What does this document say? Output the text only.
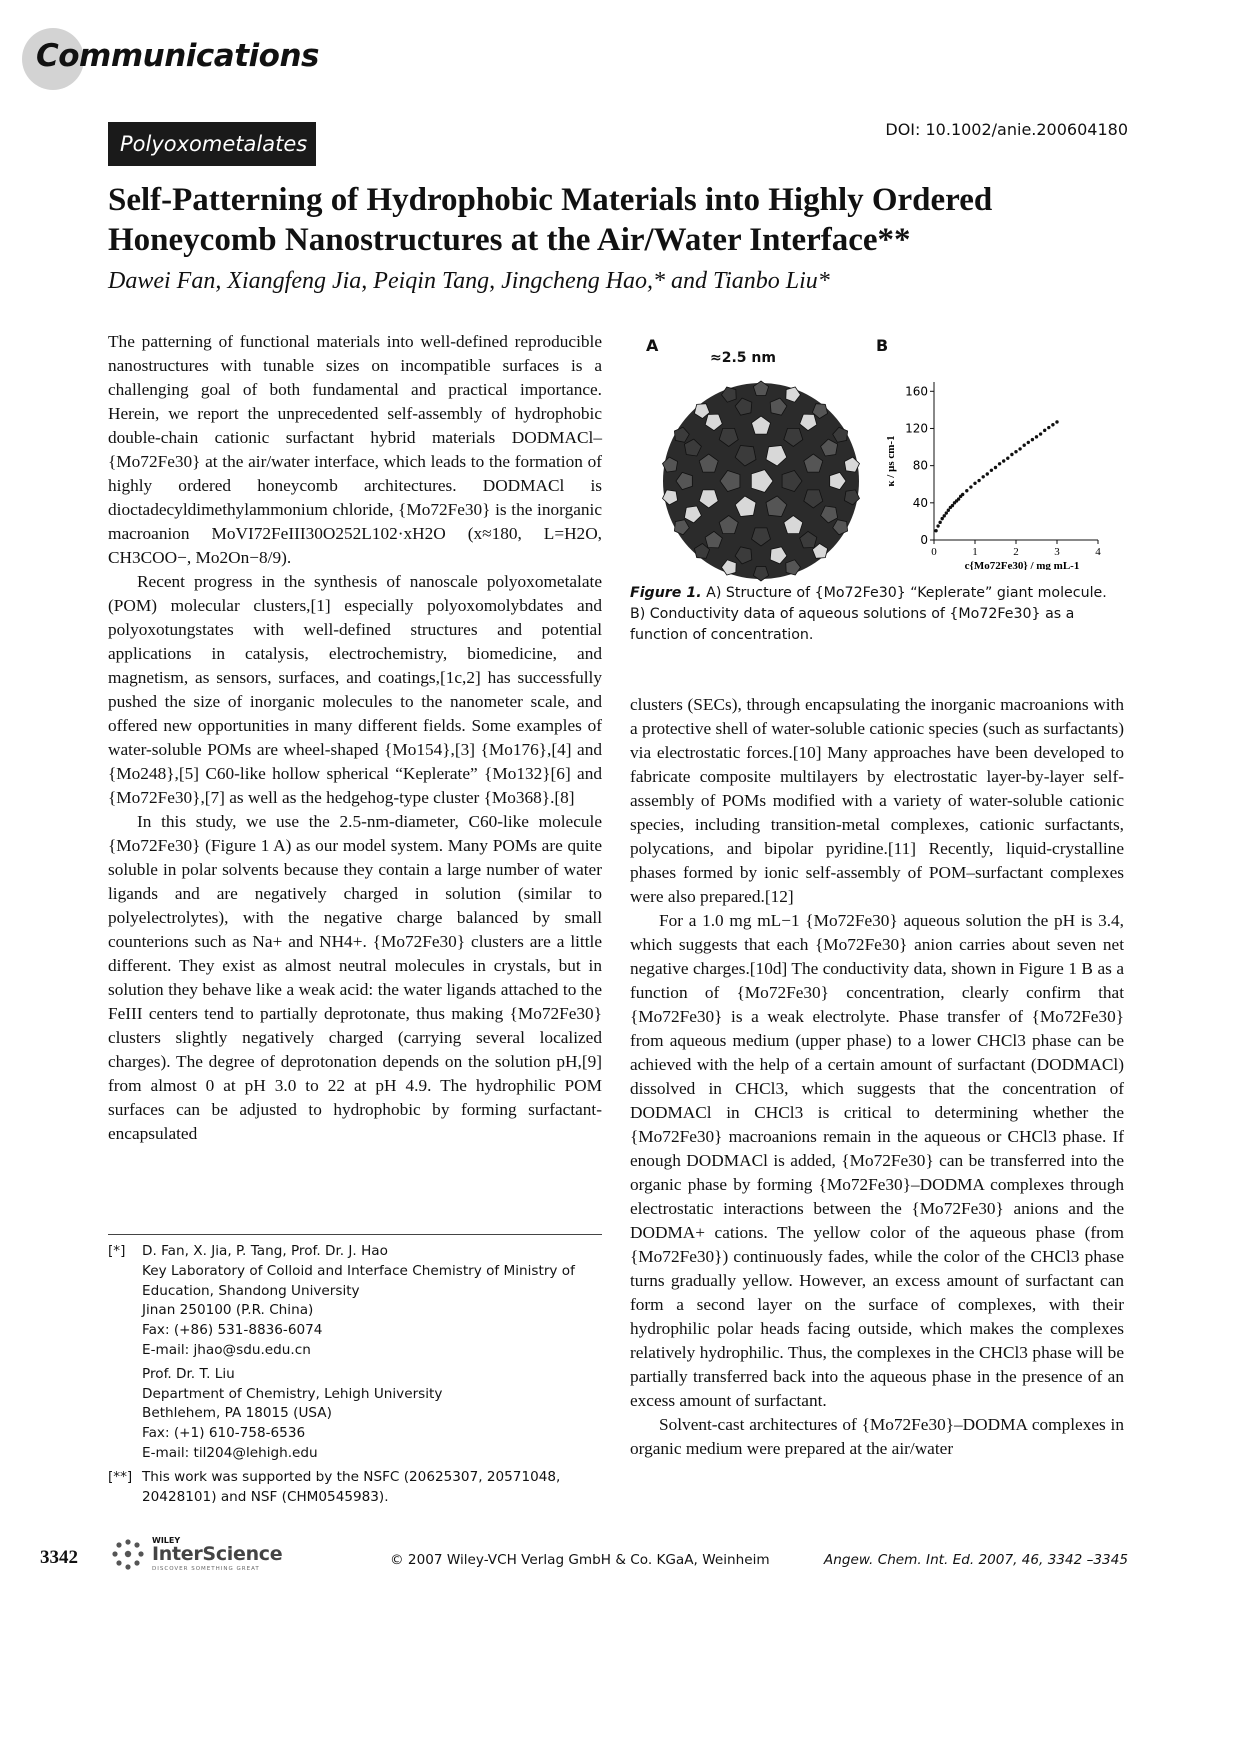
Communications
Polyoxometalates
DOI: 10.1002/anie.200604180
Self-Patterning of Hydrophobic Materials into Highly Ordered Honeycomb Nanostructures at the Air/Water Interface**
Dawei Fan, Xiangfeng Jia, Peiqin Tang, Jingcheng Hao,* and Tianbo Liu*

The patterning of functional materials into well-defined reproducible nanostructures with tunable sizes on incompatible surfaces is a challenging goal of both fundamental and practical importance. Herein, we report the unprecedented self-assembly of hydrophobic double-chain cationic surfactant hybrid materials DODMACl–{Mo72Fe30} at the air/water interface, which leads to the formation of highly ordered honeycomb architectures. DODMACl is dioctadecyldimethylammonium chloride, {Mo72Fe30} is the inorganic macroanion MoVI72FeIII30O252L102·xH2O (x≈180, L=H2O, CH3COO−, Mo2On−8/9).

Recent progress in the synthesis of nanoscale polyoxometalate (POM) molecular clusters,[1] especially polyoxomolybdates and polyoxotungstates with well-defined structures and potential applications in catalysis, electrochemistry, biomedicine, and magnetism, as sensors, surfaces, and coatings,[1c,2] has successfully pushed the size of inorganic molecules to the nanometer scale, and offered new opportunities in many different fields. Some examples of water-soluble POMs are wheel-shaped {Mo154},[3] {Mo176},[4] and {Mo248},[5] C60-like hollow spherical “Keplerate” {Mo132}[6] and {Mo72Fe30},[7] as well as the hedgehog-type cluster {Mo368}.[8]

In this study, we use the 2.5-nm-diameter, C60-like molecule {Mo72Fe30} (Figure 1 A) as our model system. Many POMs are quite soluble in polar solvents because they contain a large number of water ligands and are negatively charged in solution (similar to polyelectrolytes), with the negative charge balanced by small counterions such as Na+ and NH4+. {Mo72Fe30} clusters are a little different. They exist as almost neutral molecules in crystals, but in solution they behave like a weak acid: the water ligands attached to the FeIII centers tend to partially deprotonate, thus making {Mo72Fe30} clusters slightly negatively charged (carrying several localized charges). The degree of deprotonation depends on the solution pH,[9] from almost 0 at pH 3.0 to 22 at pH 4.9. The hydrophilic POM surfaces can be adjusted to hydrophobic by forming surfactant-encapsulated

A	B
≈2.5 nm
0	1	2	3	4
0
40
80
120
160
c{Mo72Fe30} / mg mL-1
κ / μs cm-1
Figure 1. A) Structure of {Mo72Fe30} “Keplerate” giant molecule. B) Conductivity data of aqueous solutions of {Mo72Fe30} as a function of concentration.

clusters (SECs), through encapsulating the inorganic macroanions with a protective shell of water-soluble cationic species (such as surfactants) via electrostatic forces.[10] Many approaches have been developed to fabricate composite multilayers by electrostatic layer-by-layer self-assembly of POMs modified with a variety of water-soluble cationic species, including transition-metal complexes, cationic surfactants, polycations, and bipolar pyridine.[11] Recently, liquid-crystalline phases formed by ionic self-assembly of POM–surfactant complexes were also prepared.[12]

For a 1.0 mg mL−1 {Mo72Fe30} aqueous solution the pH is 3.4, which suggests that each {Mo72Fe30} anion carries about seven net negative charges.[10d] The conductivity data, shown in Figure 1 B as a function of {Mo72Fe30} concentration, clearly confirm that {Mo72Fe30} is a weak electrolyte. Phase transfer of {Mo72Fe30} from aqueous medium (upper phase) to a lower CHCl3 phase can be achieved with the help of a certain amount of surfactant (DODMACl) dissolved in CHCl3, which suggests that the concentration of DODMACl in CHCl3 is critical to determining whether the {Mo72Fe30} macroanions remain in the aqueous or CHCl3 phase. If enough DODMACl is added, {Mo72Fe30} can be transferred into the organic phase by forming {Mo72Fe30}–DODMA complexes through electrostatic interactions between the {Mo72Fe30} anions and the DODMA+ cations. The yellow color of the aqueous phase (from {Mo72Fe30}) continuously fades, while the color of the CHCl3 phase turns gradually yellow. However, an excess amount of surfactant can form a second layer on the surface of complexes, with their hydrophilic polar heads facing outside, which makes the complexes relatively hydrophilic. Thus, the complexes in the CHCl3 phase will be partially transferred back into the aqueous phase in the presence of an excess amount of surfactant.

Solvent-cast architectures of {Mo72Fe30}–DODMA complexes in organic medium were prepared at the air/water

[*] D. Fan, X. Jia, P. Tang, Prof. Dr. J. Hao
Key Laboratory of Colloid and Interface Chemistry of Ministry of
Education, Shandong University
Jinan 250100 (P.R. China)
Fax: (+86) 531-8836-6074
E-mail: jhao@sdu.edu.cn
Prof. Dr. T. Liu
Department of Chemistry, Lehigh University
Bethlehem, PA 18015 (USA)
Fax: (+1) 610-758-6536
E-mail: til204@lehigh.edu
[**] This work was supported by the NSFC (20625307, 20571048, 20428101) and NSF (CHM0545983).
3342
WILEY
InterScience
DISCOVER SOMETHING GREAT
© 2007 Wiley-VCH Verlag GmbH & Co. KGaA, Weinheim	Angew. Chem. Int. Ed. 2007, 46, 3342 –3345
